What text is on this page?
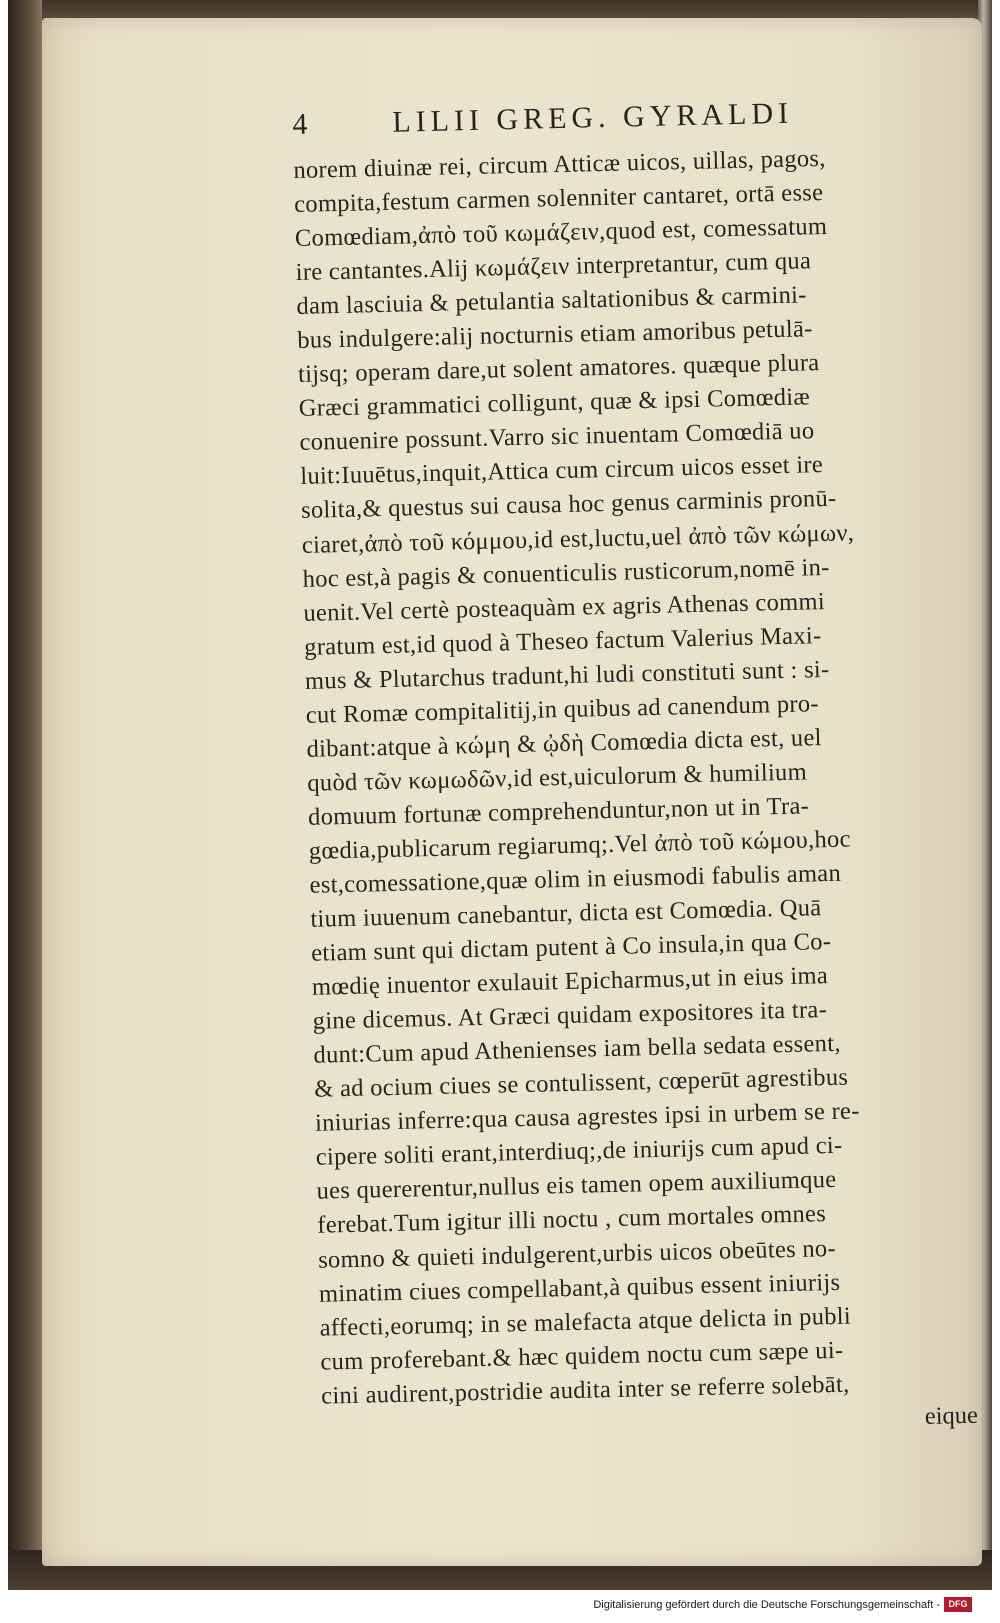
4	LILII GREG. GYRALDI
norem diuinæ rei, circum Atticæ uicos, uillas, pagos,
compita,festum carmen solenniter cantaret, ortā esse
Comœdiam,ἀπὸ τοῦ κωμάζειν,quod est, comessatum
ire cantantes.Alij κωμάζειν interpretantur, cum qua
dam lasciuia & petulantia saltationibus & carmini-
bus indulgere:alij nocturnis etiam amoribus petulā-
tijsq; operam dare,ut solent amatores. quæque plura
Græci grammatici colligunt, quæ & ipsi Comœdiæ
conuenire possunt.Varro sic inuentam Comœdiā uo
luit:Iuuētus,inquit,Attica cum circum uicos esset ire
solita,& questus sui causa hoc genus carminis pronū-
ciaret,ἀπὸ τοῦ κόμμου,id est,luctu,uel ἀπὸ τῶν κώμων,
hoc est,à pagis & conuenticulis rusticorum,nomē in-
uenit.Vel certè posteaquàm ex agris Athenas commi
gratum est,id quod à Theseo factum Valerius Maxi-
mus & Plutarchus tradunt,hi ludi constituti sunt : si-
cut Romæ compitalitij,in quibus ad canendum pro-
dibant:atque à κώμη & ᾠδὴ Comœdia dicta est, uel
quòd τῶν κωμωδῶν,id est,uiculorum & humilium
domuum fortunæ comprehenduntur,non ut in Tra-
gœdia,publicarum regiarumq;.Vel ἀπὸ τοῦ κώμου,hoc
est,comessatione,quæ olim in eiusmodi fabulis aman
tium iuuenum canebantur, dicta est Comœdia. Quā
etiam sunt qui dictam putent à Co insula,in qua Co-
mœdię inuentor exulauit Epicharmus,ut in eius ima
gine dicemus. At Græci quidam expositores ita tra-
dunt:Cum apud Athenienses iam bella sedata essent,
& ad ocium ciues se contulissent, cœperūt agrestibus
iniurias inferre:qua causa agrestes ipsi in urbem se re-
cipere soliti erant,interdiuq;,de iniurijs cum apud ci-
ues quererentur,nullus eis tamen opem auxiliumque
ferebat.Tum igitur illi noctu , cum mortales omnes
somno & quieti indulgerent,urbis uicos obeūtes no-
minatim ciues compellabant,à quibus essent iniurijs
affecti,eorumq; in se malefacta atque delicta in publi
cum proferebant.& hæc quidem noctu cum sæpe ui-
cini audirent,postridie audita inter se referre solebāt,
eique
Digitalisierung gefördert durch die Deutsche Forschungsgemeinschaft - DFG
